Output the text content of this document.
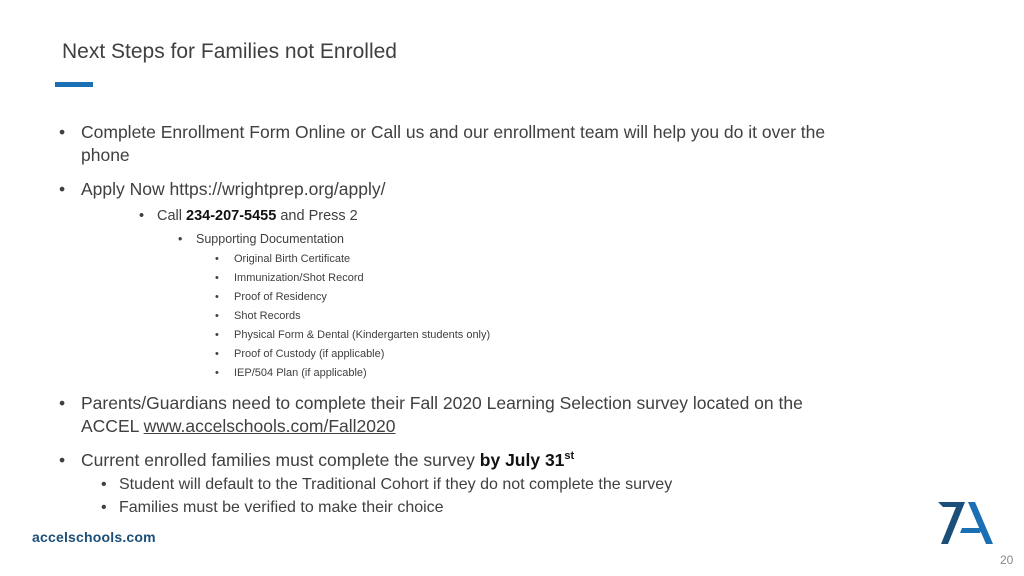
Next Steps for Families not Enrolled
• Complete Enrollment Form Online or Call us and our enrollment team will help you do it over the
phone
• Apply Now https://wrightprep.org/apply/
• Call 234-207-5455 and Press 2
• Supporting Documentation
• Original Birth Certificate
• Immunization/Shot Record
• Proof of Residency
• Shot Records
• Physical Form & Dental (Kindergarten students only)
• Proof of Custody (if applicable)
• IEP/504 Plan (if applicable)
• Parents/Guardians need to complete their Fall 2020 Learning Selection survey located on the
ACCEL www.accelschools.com/Fall2020
• Current enrolled families must complete the survey by July 31st
• Student will default to the Traditional Cohort if they do not complete the survey
• Families must be verified to make their choice
accelschools.com
20
